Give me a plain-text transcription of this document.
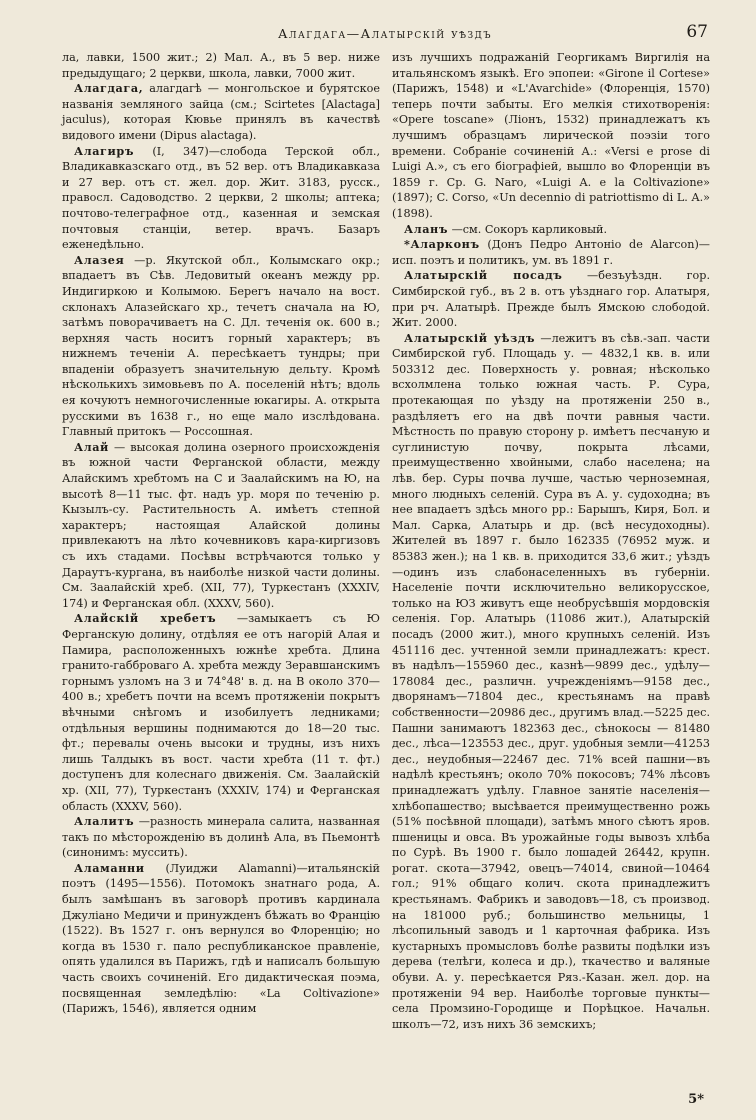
Алагдага—Алатырскій уѣздъ	67

ла, лавки, 1500 жит.; 2) Мал. А., въ 5 вер. ниже предыдущаго; 2 церкви, школа, лавки, 7000 жит.

Алагдага, алагдагѣ — монгольское и бурятское названія земляного зайца (см.; Scirtetes [Alactaga] jaculus), которая Кювье принялъ въ качествѣ видового имени (Dipus alactaga).

Алагиръ (I, 347)—слобода Терской обл., Владикавказскаго отд., въ 52 вер. отъ Владикавказа и 27 вер. отъ ст. жел. дор. Жит. 3183, русск., правосл. Садоводство. 2 церкви, 2 школы; аптека; почтово-телеграфное отд., казенная и земская почтовыя станціи, ветер. врачъ. Базаръ еженедѣльно.

Алазея —р. Якутской обл., Колымскаго окр.; впадаетъ въ Сѣв. Ледовитый океанъ между рр. Индигиркою и Колымою. Берегъ начало на вост. склонахъ Алазейскаго хр., течетъ сначала на Ю, затѣмъ поворачиваетъ на С. Дл. теченія ок. 600 в.; верхняя часть носитъ горный характеръ; въ нижнемъ теченіи А. пересѣкаетъ тундры; при впаденіи образуетъ значительную дельту. Кромѣ нѣсколькихъ зимовьевъ по А. поселеній нѣтъ; вдоль ея кочуютъ немногочисленные юкагиры. А. открыта русскими въ 1638 г., но еще мало изслѣдована. Главный притокъ — Россошная.

Алай — высокая долина озерного происхожденія въ южной части Ферганской области, между Алайскимъ хребтомъ на С и Заалайскимъ на Ю, на высотѣ 8—11 тыс. фт. надъ ур. моря по теченію р. Кызылъ-су. Растительность А. имѣетъ степной характеръ; настоящая Алайской долины привлекаютъ на лѣто кочевниковъ кара-киргизовъ съ ихъ стадами. Посѣвы встрѣчаются только у Дараутъ-кургана, въ наиболѣе низкой части долины. См. Заалайскій хреб. (XII, 77), Туркестанъ (XXXIV, 174) и Ферганская обл. (XXXV, 560).

Алайскій хребетъ —замыкаетъ съ Ю Ферганскую долину, отдѣляя ее отъ нагорій Алая и Памира, расположенныхъ южнѣе хребта. Длина гранито-габброваго А. хребта между Зеравшанскимъ горнымъ узломъ на З и 74°48' в. д. на В около 370—400 в.; хребетъ почти на всемъ протяженіи покрытъ вѣчными снѣгомъ и изобилуетъ ледниками; отдѣльныя вершины поднимаются до 18—20 тыс. фт.; перевалы очень высоки и трудны, изъ нихъ лишь Талдыкъ въ вост. части хребта (11 т. фт.) доступенъ для колеснаго движенія. См. Заалайскій хр. (XII, 77), Туркестанъ (XXXIV, 174) и Ферганская область (XXXV, 560).

Алалитъ —разность минерала салита, названная такъ по мѣсторожденію въ долинѣ Ала, въ Пьемонтѣ (синонимъ: муссить).

Аламанни (Луиджи Alamanni)—итальянскій поэтъ (1495—1556). Потомокъ знатнаго рода, А. былъ замѣшанъ въ заговорѣ противъ кардинала Джуліано Медичи и принужденъ бѣжать во Францію (1522). Въ 1527 г. онъ вернулся во Флоренцію; но когда въ 1530 г. пало республиканское правленіе, опять удалился въ Парижъ, гдѣ и написалъ большую часть своихъ сочиненій. Его дидактическая поэма, посвященная земледѣлію: «La Coltivazione» (Парижъ, 1546), является одним

изъ лучшихъ подражаній Георгикамъ Виргилія на итальянскомъ языкѣ. Его эпопеи: «Girone il Cortese» (Парижъ, 1548) и «L'Avarchide» (Флоренція, 1570) теперь почти забыты. Его мелкія стихотворенія: «Opere toscane» (Ліонъ, 1532) принадлежатъ къ лучшимъ образцамъ лирической поэзіи того времени. Собраніе сочиненій А.: «Versi e prose di Luigi A.», съ его біографіей, вышло во Флоренціи въ 1859 г. Ср. G. Naro, «Luigi A. e la Coltivazione» (1897); C. Corso, «Un decennio di patriottismo di L. A.» (1898).

Аланъ —см. Сокоръ карликовый.

*Аларконъ (Донъ Педро Антоніо de Alarcon)—исп. поэтъ и политикъ, ум. въ 1891 г.

Алатырскій посадъ —безъуѣздн. гор. Симбирской губ., въ 2 в. отъ уѣзднаго гор. Алатыря, при рч. Алатырѣ. Прежде былъ Ямскою слободой. Жит. 2000.

Алатырскій уѣздъ —лежитъ въ сѣв.-зап. части Симбирской губ. Площадь у. — 4832,1 кв. в. или 503312 дес. Поверхность у. ровная; нѣсколько всхолмлена только южная часть. Р. Сура, протекающая по уѣзду на протяженіи 250 в., раздѣляетъ его на двѣ почти равныя части. Мѣстность по правую сторону р. имѣетъ песчаную и суглинистую почву, покрыта лѣсами, преимущественно хвойными, слабо населена; на лѣв. бер. Суры почва лучше, частью черноземная, много людныхъ селеній. Сура въ А. у. судоходна; въ нее впадаетъ здѣсь много рр.: Барышъ, Киря, Бол. и Мал. Сарка, Алатырь и др. (всѣ несудоходны). Жителей въ 1897 г. было 162335 (76952 муж. и 85383 жен.); на 1 кв. в. приходится 33,6 жит.; уѣздъ—одинъ изъ слабонаселенныхъ въ губерніи. Населеніе почти исключительно великорусское, только на ЮЗ живутъ еще необрусѣвшія мордовскія селенія. Гор. Алатырь (11086 жит.), Алатырскій посадъ (2000 жит.), много крупныхъ селеній. Изъ 451116 дес. учтенной земли принадлежатъ: крест. въ надѣлъ—155960 дес., казнѣ—9899 дес., удѣлу—178084 дес., различн. учрежденіямъ—9158 дес., дворянамъ—71804 дес., крестьянамъ на правѣ собственности—20986 дес., другимъ влад.—5225 дес. Пашни занимаютъ 182363 дес., сѣнокосы — 81480 дес., лѣса—123553 дес., друг. удобныя земли—41253 дес., неудобныя—22467 дес. 71% всей пашни—въ надѣлѣ крестьянъ; около 70% покосовъ; 74% лѣсовъ принадлежатъ удѣлу. Главное занятіе населенія—хлѣбопашество; высѣвается преимущественно рожь (51% посѣвной площади), затѣмъ много сѣютъ яров. пшеницы и овса. Въ урожайные годы вывозъ хлѣба по Сурѣ. Въ 1900 г. было лошадей 26442, крупн. рогат. скота—37942, овецъ—74014, свиной—10464 гол.; 91% общаго колич. скота принадлежитъ крестьянамъ. Фабрикъ и заводовъ—18, съ производ. на 181000 руб.; большинство мельницы, 1 лѣсопильный заводъ и 1 карточная фабрика. Изъ кустарныхъ промысловъ болѣе развиты подѣлки изъ дерева (телѣги, колеса и др.), ткачество и валяные обуви. А. у. пересѣкается Ряз.-Казан. жел. дор. на протяженіи 94 вер. Наиболѣе торговые пункты—села Промзино-Городище и Порѣцкое. Начальн. школъ—72, изъ нихъ 36 земскихъ;

5*
